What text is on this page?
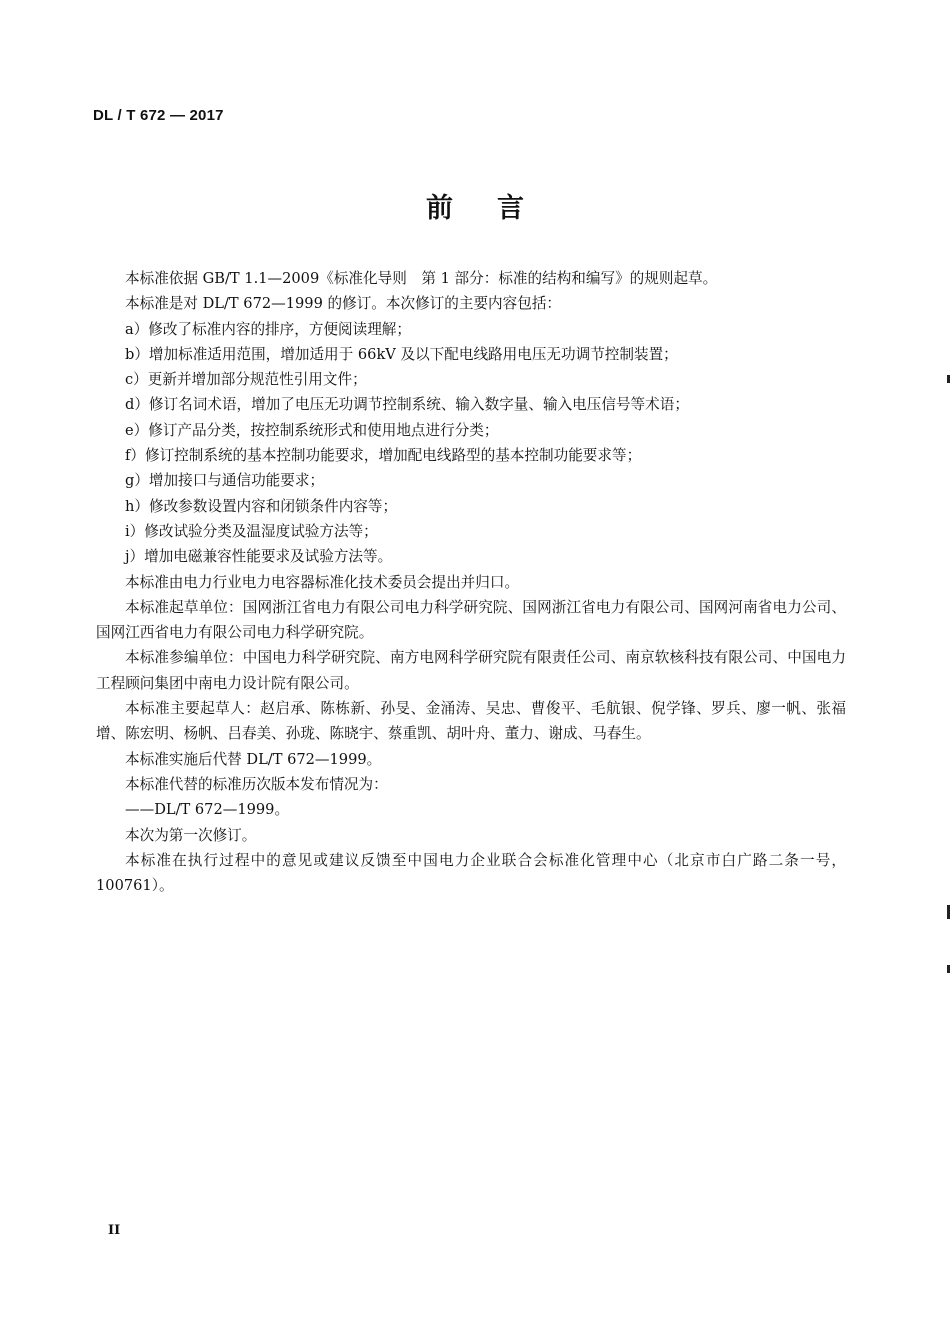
DL / T 672 — 2017
前 言

本标准依据 GB/T 1.1—2009《标准化导则　第 1 部分：标准的结构和编写》的规则起草。

本标准是对 DL/T 672—1999 的修订。本次修订的主要内容包括：

a）修改了标准内容的排序，方便阅读理解；

b）增加标准适用范围，增加适用于 66kV 及以下配电线路用电压无功调节控制装置；

c）更新并增加部分规范性引用文件；

d）修订名词术语，增加了电压无功调节控制系统、输入数字量、输入电压信号等术语；

e）修订产品分类，按控制系统形式和使用地点进行分类；

f）修订控制系统的基本控制功能要求，增加配电线路型的基本控制功能要求等；

g）增加接口与通信功能要求；

h）修改参数设置内容和闭锁条件内容等；

i）修改试验分类及温湿度试验方法等；

j）增加电磁兼容性能要求及试验方法等。

本标准由电力行业电力电容器标准化技术委员会提出并归口。

本标准起草单位：国网浙江省电力有限公司电力科学研究院、国网浙江省电力有限公司、国网河南省电力公司、国网江西省电力有限公司电力科学研究院。

本标准参编单位：中国电力科学研究院、南方电网科学研究院有限责任公司、南京软核科技有限公司、中国电力工程顾问集团中南电力设计院有限公司。

本标准主要起草人：赵启承、陈栋新、孙旻、金涌涛、吴忠、曹俊平、毛航银、倪学锋、罗兵、廖一帆、张福增、陈宏明、杨帆、吕春美、孙珑、陈晓宇、蔡重凯、胡叶舟、董力、谢成、马春生。

本标准实施后代替 DL/T 672—1999。

本标准代替的标准历次版本发布情况为：

——DL/T 672—1999。

本次为第一次修订。

本标准在执行过程中的意见或建议反馈至中国电力企业联合会标准化管理中心（北京市白广路二条一号，100761）。

II
